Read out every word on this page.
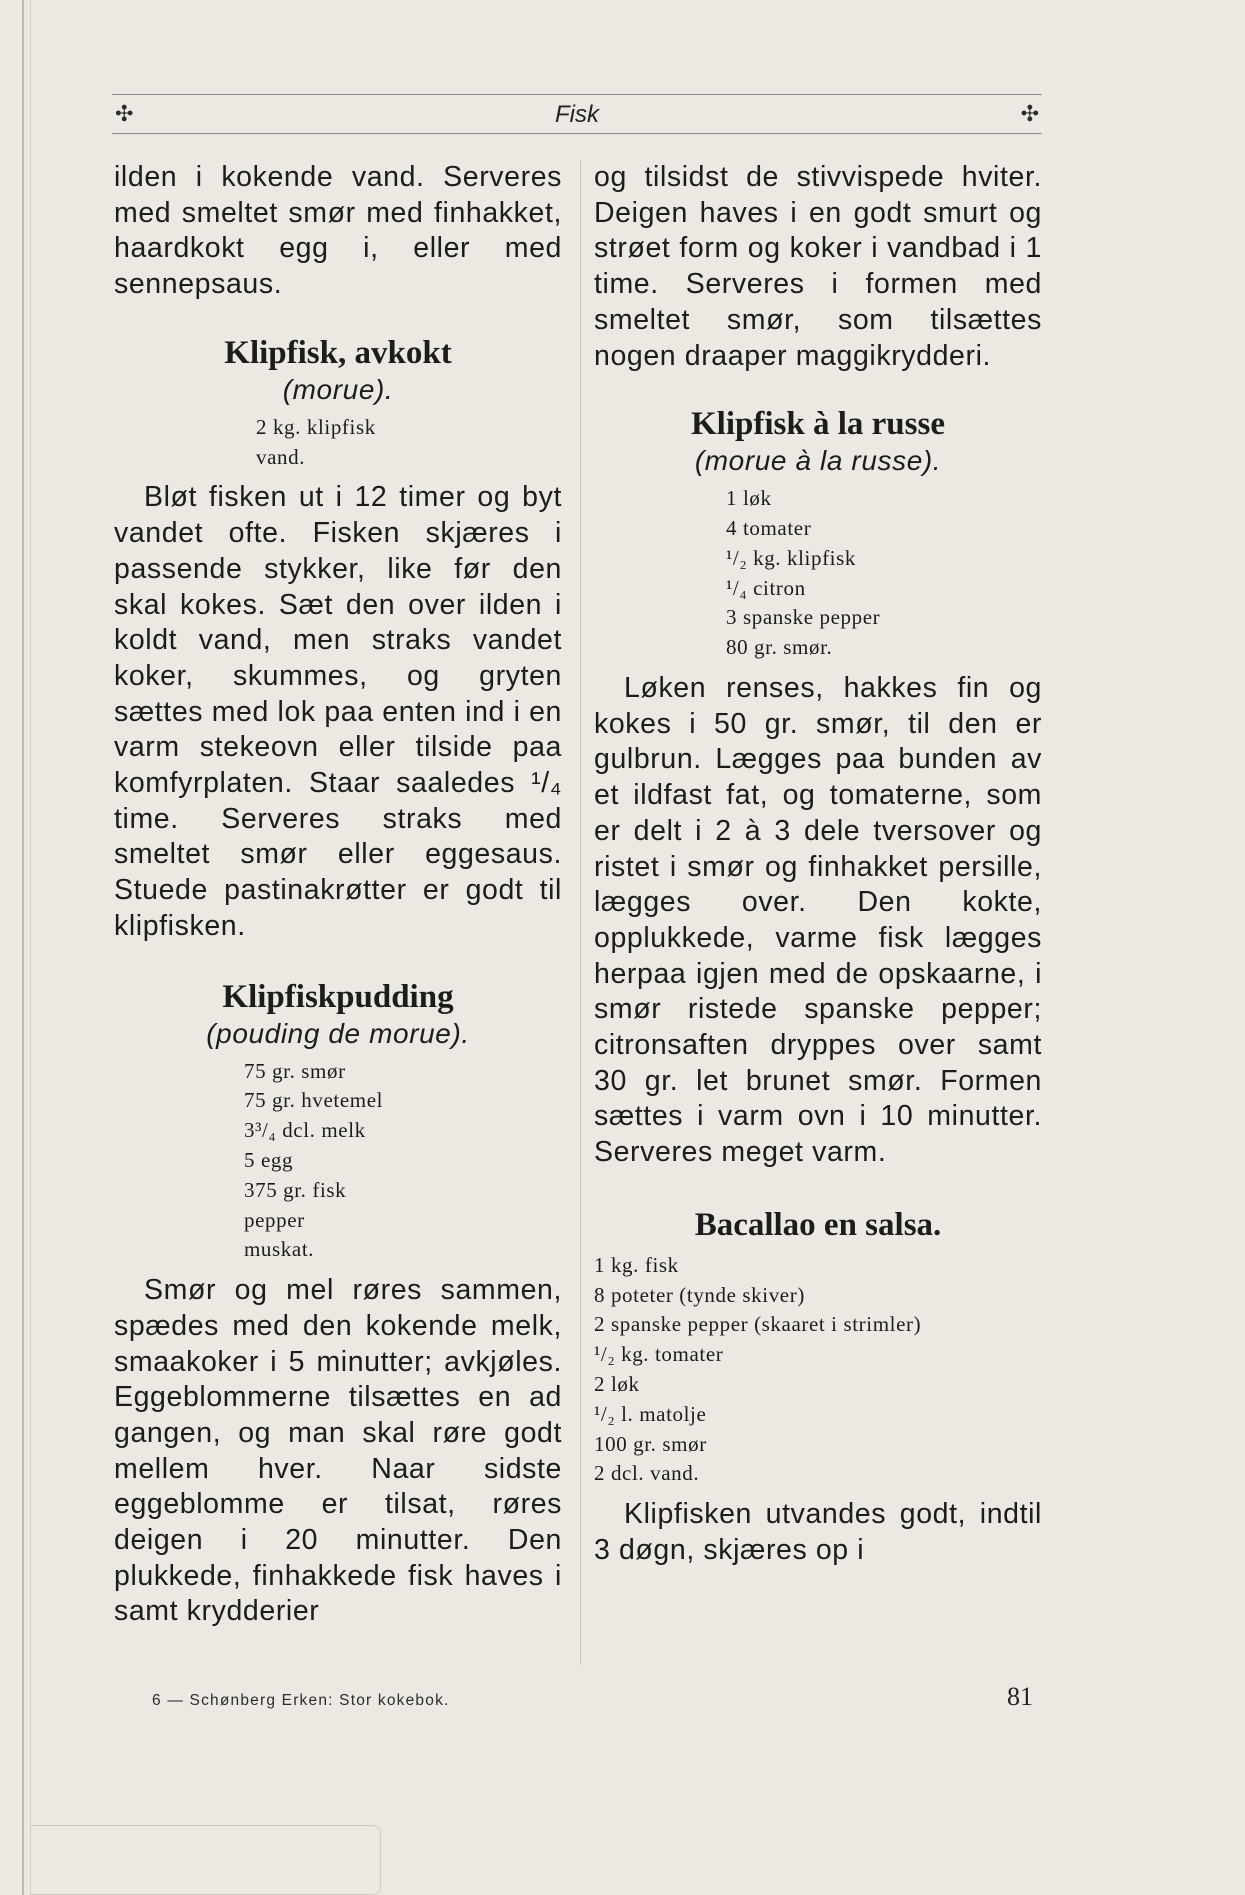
✣	Fisk	✣

ilden i kokende vand. Serveres med smeltet smør med finhakket, haardkokt egg i, eller med sennepsaus.

Klipfisk, avkokt

(morue).

2 kg. klipfisk
vand.

Bløt fisken ut i 12 timer og byt vandet ofte. Fisken skjæres i passende stykker, like før den skal kokes. Sæt den over ilden i koldt vand, men straks vandet koker, skummes, og gryten sættes med lok paa enten ind i en varm stekeovn eller tilside paa komfyrplaten. Staar saaledes ¹/₄ time. Serveres straks med smeltet smør eller eggesaus. Stuede pastinakrøtter er godt til klipfisken.

Klipfiskpudding

(pouding de morue).

75 gr. smør
75 gr. hvetemel
3³/₄ dcl. melk
5 egg
375 gr. fisk
pepper
muskat.

Smør og mel røres sammen, spædes med den kokende melk, smaakoker i 5 minutter; avkjøles. Eggeblommerne tilsættes en ad gangen, og man skal røre godt mellem hver. Naar sidste eggeblomme er tilsat, røres deigen i 20 minutter. Den plukkede, finhakkede fisk haves i samt krydderier

og tilsidst de stivvispede hviter. Deigen haves i en godt smurt og strøet form og koker i vandbad i 1 time. Serveres i formen med smeltet smør, som tilsættes nogen draaper maggikrydderi.

Klipfisk à la russe

(morue à la russe).

1 løk
4 tomater
¹/₂ kg. klipfisk
¹/₄ citron
3 spanske pepper
80 gr. smør.

Løken renses, hakkes fin og kokes i 50 gr. smør, til den er gulbrun. Lægges paa bunden av et ildfast fat, og tomaterne, som er delt i 2 à 3 dele tversover og ristet i smør og finhakket persille, lægges over. Den kokte, opplukkede, varme fisk lægges herpaa igjen med de opskaarne, i smør ristede spanske pepper; citronsaften dryppes over samt 30 gr. let brunet smør. Formen sættes i varm ovn i 10 minutter. Serveres meget varm.

Bacallao en salsa.
1 kg. fisk
8 poteter (tynde skiver)
2 spanske pepper (skaaret i strimler)
¹/₂ kg. tomater
2 løk
¹/₂ l. matolje
100 gr. smør
2 dcl. vand.

Klipfisken utvandes godt, indtil 3 døgn, skjæres op i

6 — Schønberg Erken: Stor kokebok.	81
